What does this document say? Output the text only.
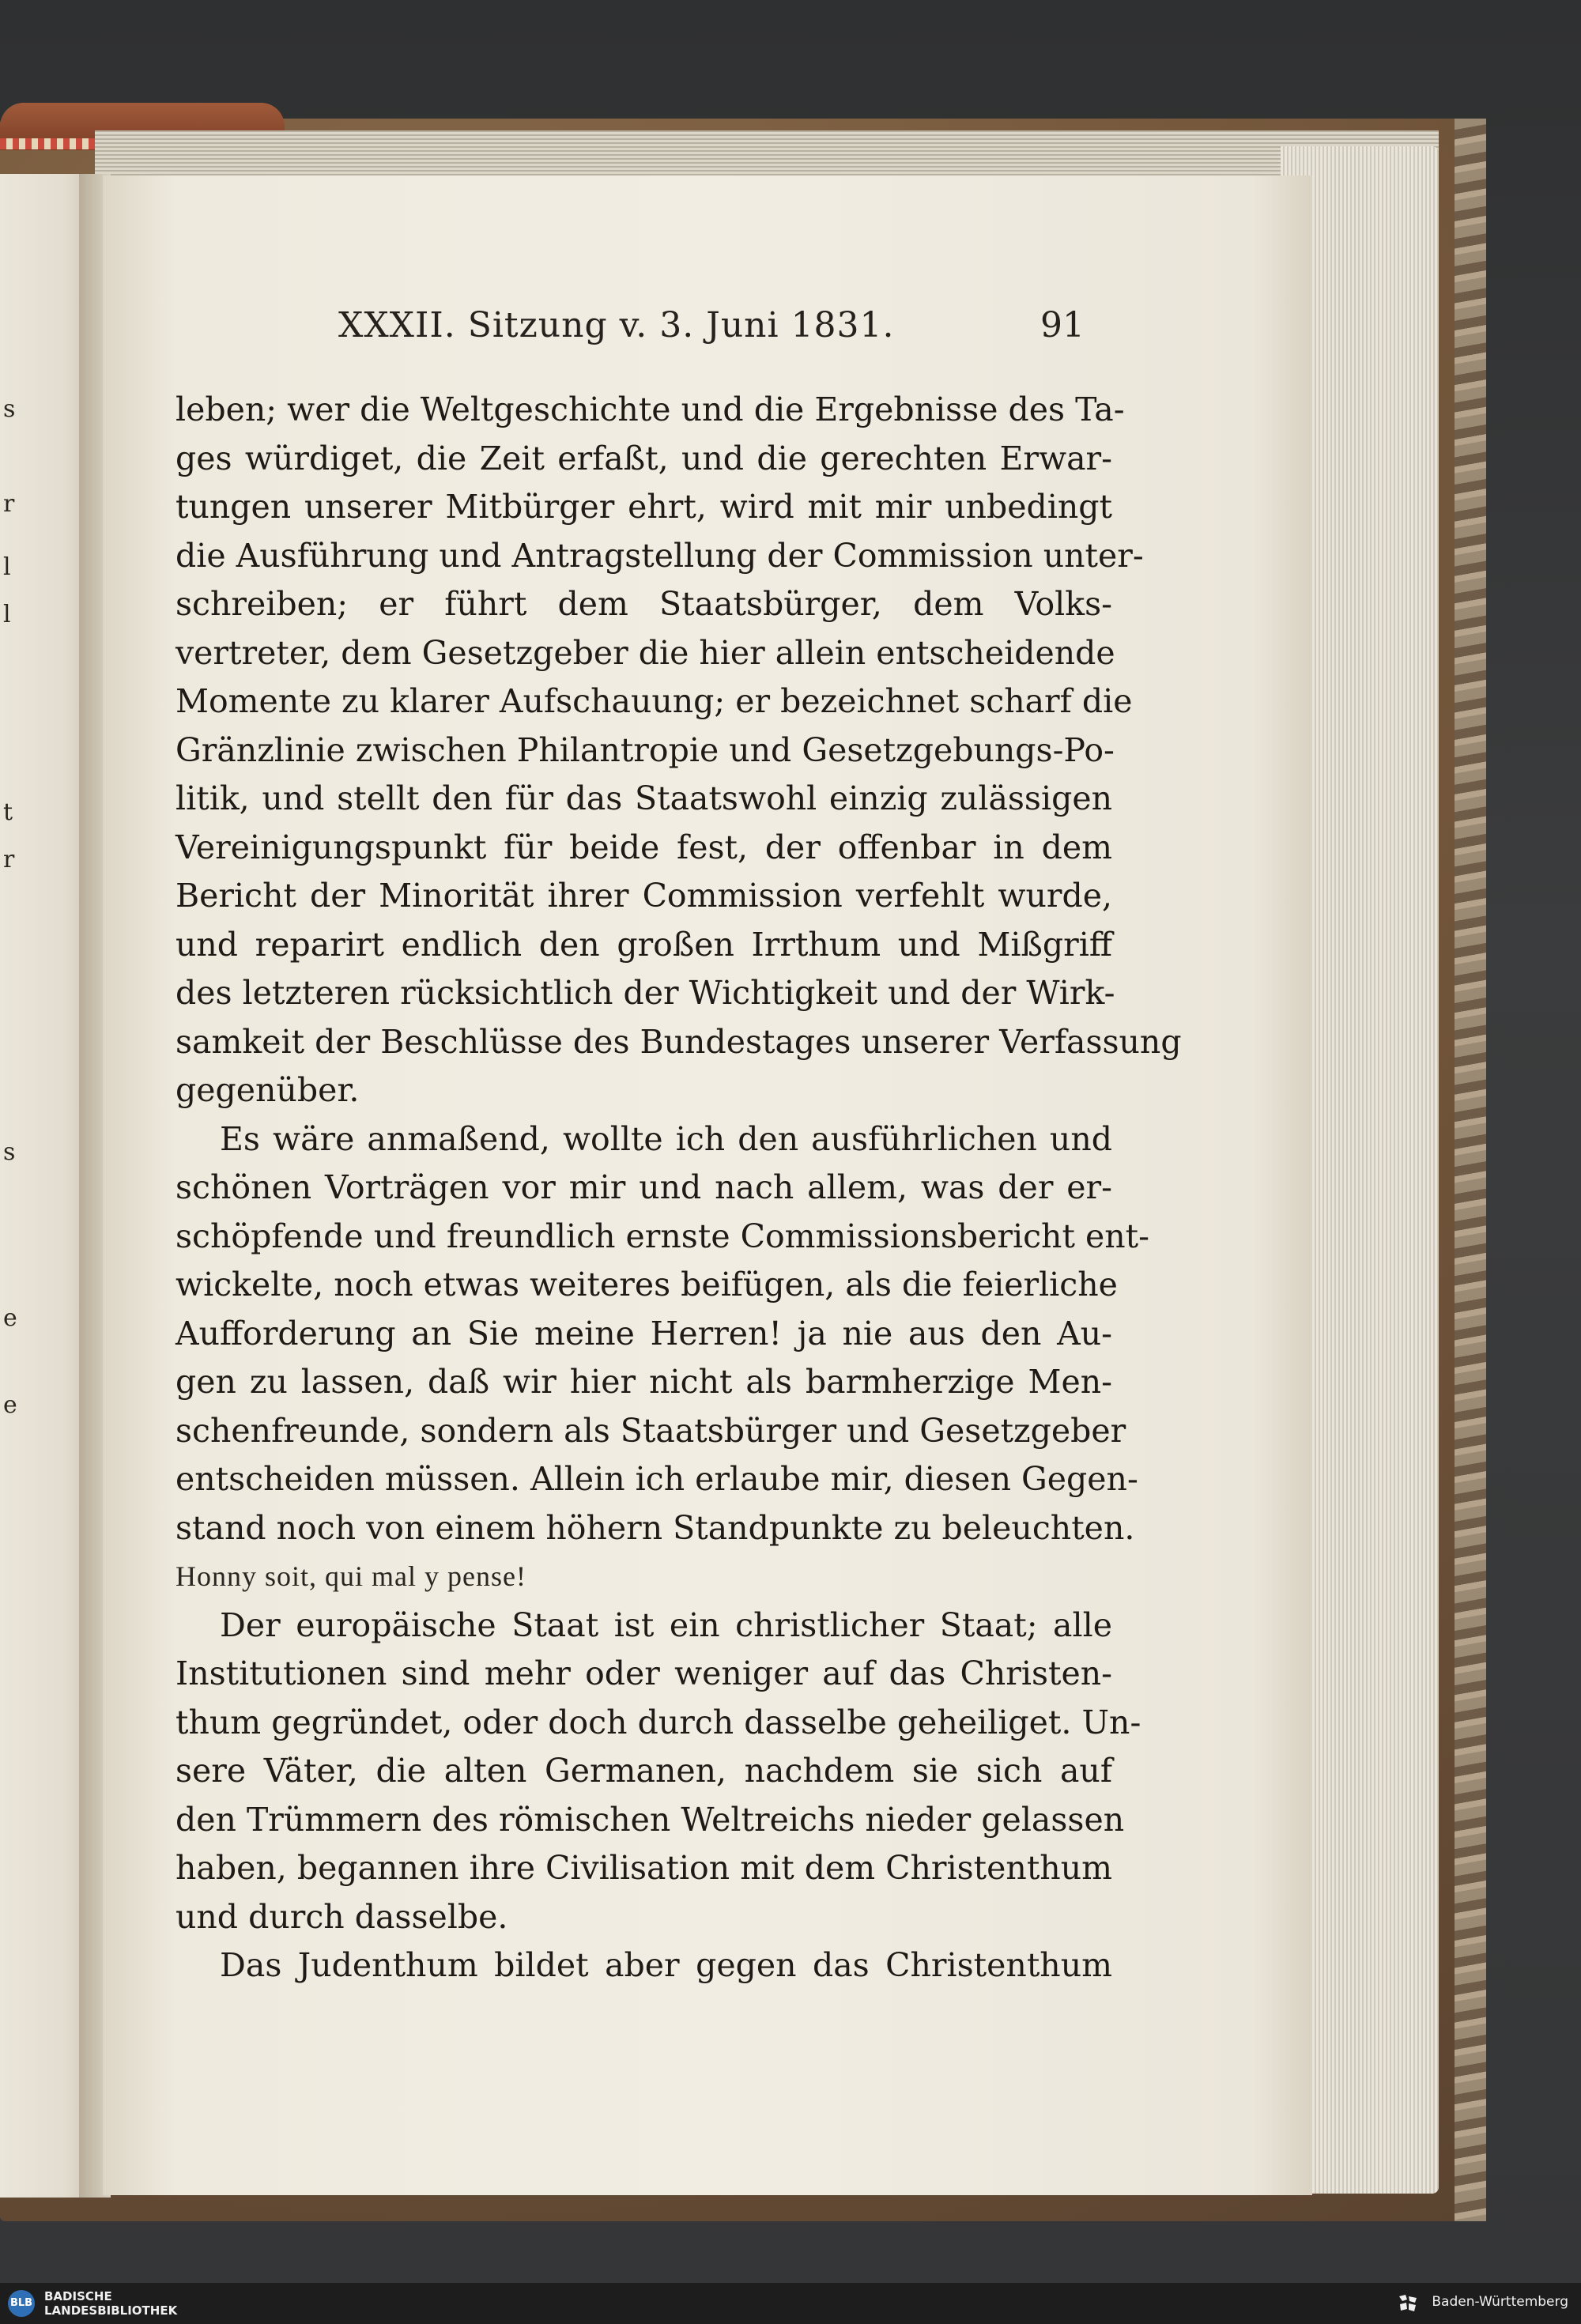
s
r
l
l
t
r
s
e
e
XXXII. Sitzung v. 3. Juni 1831.	91
leben; wer die Weltgeschichte und die Ergebnisse des Ta-
ges würdiget, die Zeit erfaßt, und die gerechten Erwar-
tungen unserer Mitbürger ehrt, wird mit mir unbedingt
die Ausführung und Antragstellung der Commission unter-
schreiben; er führt dem Staatsbürger, dem Volks-
vertreter, dem Gesetzgeber die hier allein entscheidende
Momente zu klarer Aufschauung; er bezeichnet scharf die
Gränzlinie zwischen Philantropie und Gesetzgebungs-Po-
litik, und stellt den für das Staatswohl einzig zulässigen
Vereinigungspunkt für beide fest, der offenbar in dem
Bericht der Minorität ihrer Commission verfehlt wurde,
und reparirt endlich den großen Irrthum und Mißgriff
des letzteren rücksichtlich der Wichtigkeit und der Wirk-
samkeit der Beschlüsse des Bundestages unserer Verfassung
gegenüber.
Es wäre anmaßend, wollte ich den ausführlichen und
schönen Vorträgen vor mir und nach allem, was der er-
schöpfende und freundlich ernste Commissionsbericht ent-
wickelte, noch etwas weiteres beifügen, als die feierliche
Aufforderung an Sie meine Herren! ja nie aus den Au-
gen zu lassen, daß wir hier nicht als barmherzige Men-
schenfreunde, sondern als Staatsbürger und Gesetzgeber
entscheiden müssen. Allein ich erlaube mir, diesen Gegen-
stand noch von einem höhern Standpunkte zu beleuchten.
Honny soit, qui mal y pense!
Der europäische Staat ist ein christlicher Staat; alle
Institutionen sind mehr oder weniger auf das Christen-
thum gegründet, oder doch durch dasselbe geheiliget. Un-
sere Väter, die alten Germanen, nachdem sie sich auf
den Trümmern des römischen Weltreichs nieder gelassen
haben, begannen ihre Civilisation mit dem Christenthum
und durch dasselbe.
Das Judenthum bildet aber gegen das Christenthum
BLB BADISCHE
LANDESBIBLIOTHEK
Baden-Württemberg
